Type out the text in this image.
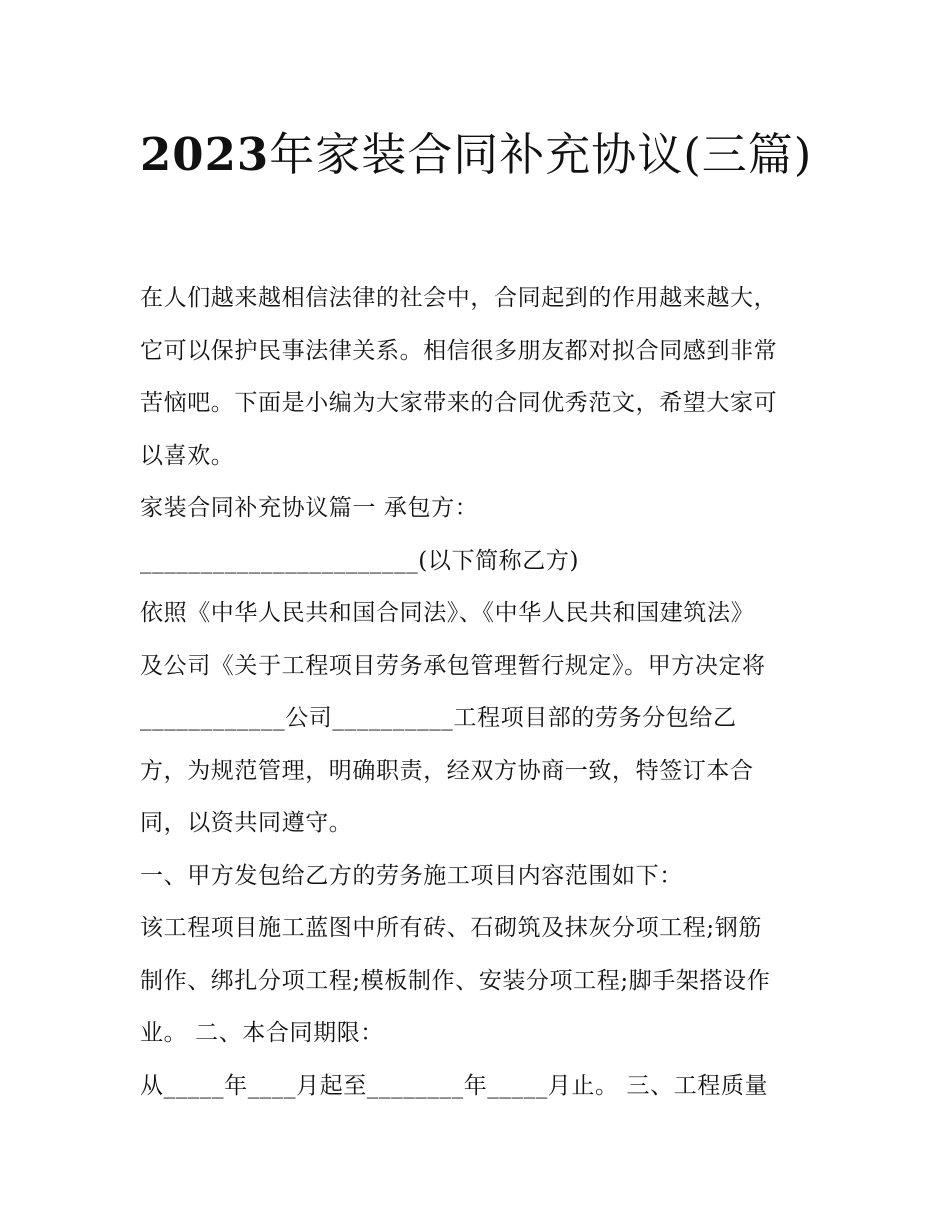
2023年家装合同补充协议(三篇)

在人们越来越相信法律的社会中，合同起到的作用越来越大，
它可以保护民事法律关系。相信很多朋友都对拟合同感到非常
苦恼吧。下面是小编为大家带来的合同优秀范文，希望大家可
以喜欢。

家装合同补充协议篇一 承包方：
_______________________(以下简称乙方)

依照《中华人民共和国合同法》、《中华人民共和国建筑法》
及公司《关于工程项目劳务承包管理暂行规定》。甲方决定将
____________公司__________工程项目部的劳务分包给乙
方，为规范管理，明确职责，经双方协商一致，特签订本合
同，以资共同遵守。

一、甲方发包给乙方的劳务施工项目内容范围如下：

该工程项目施工蓝图中所有砖、石砌筑及抹灰分项工程;钢筋
制作、绑扎分项工程;模板制作、安装分项工程;脚手架搭设作
业。 二、本合同期限：

从_____年____月起至________年_____月止。 三、工程质量
